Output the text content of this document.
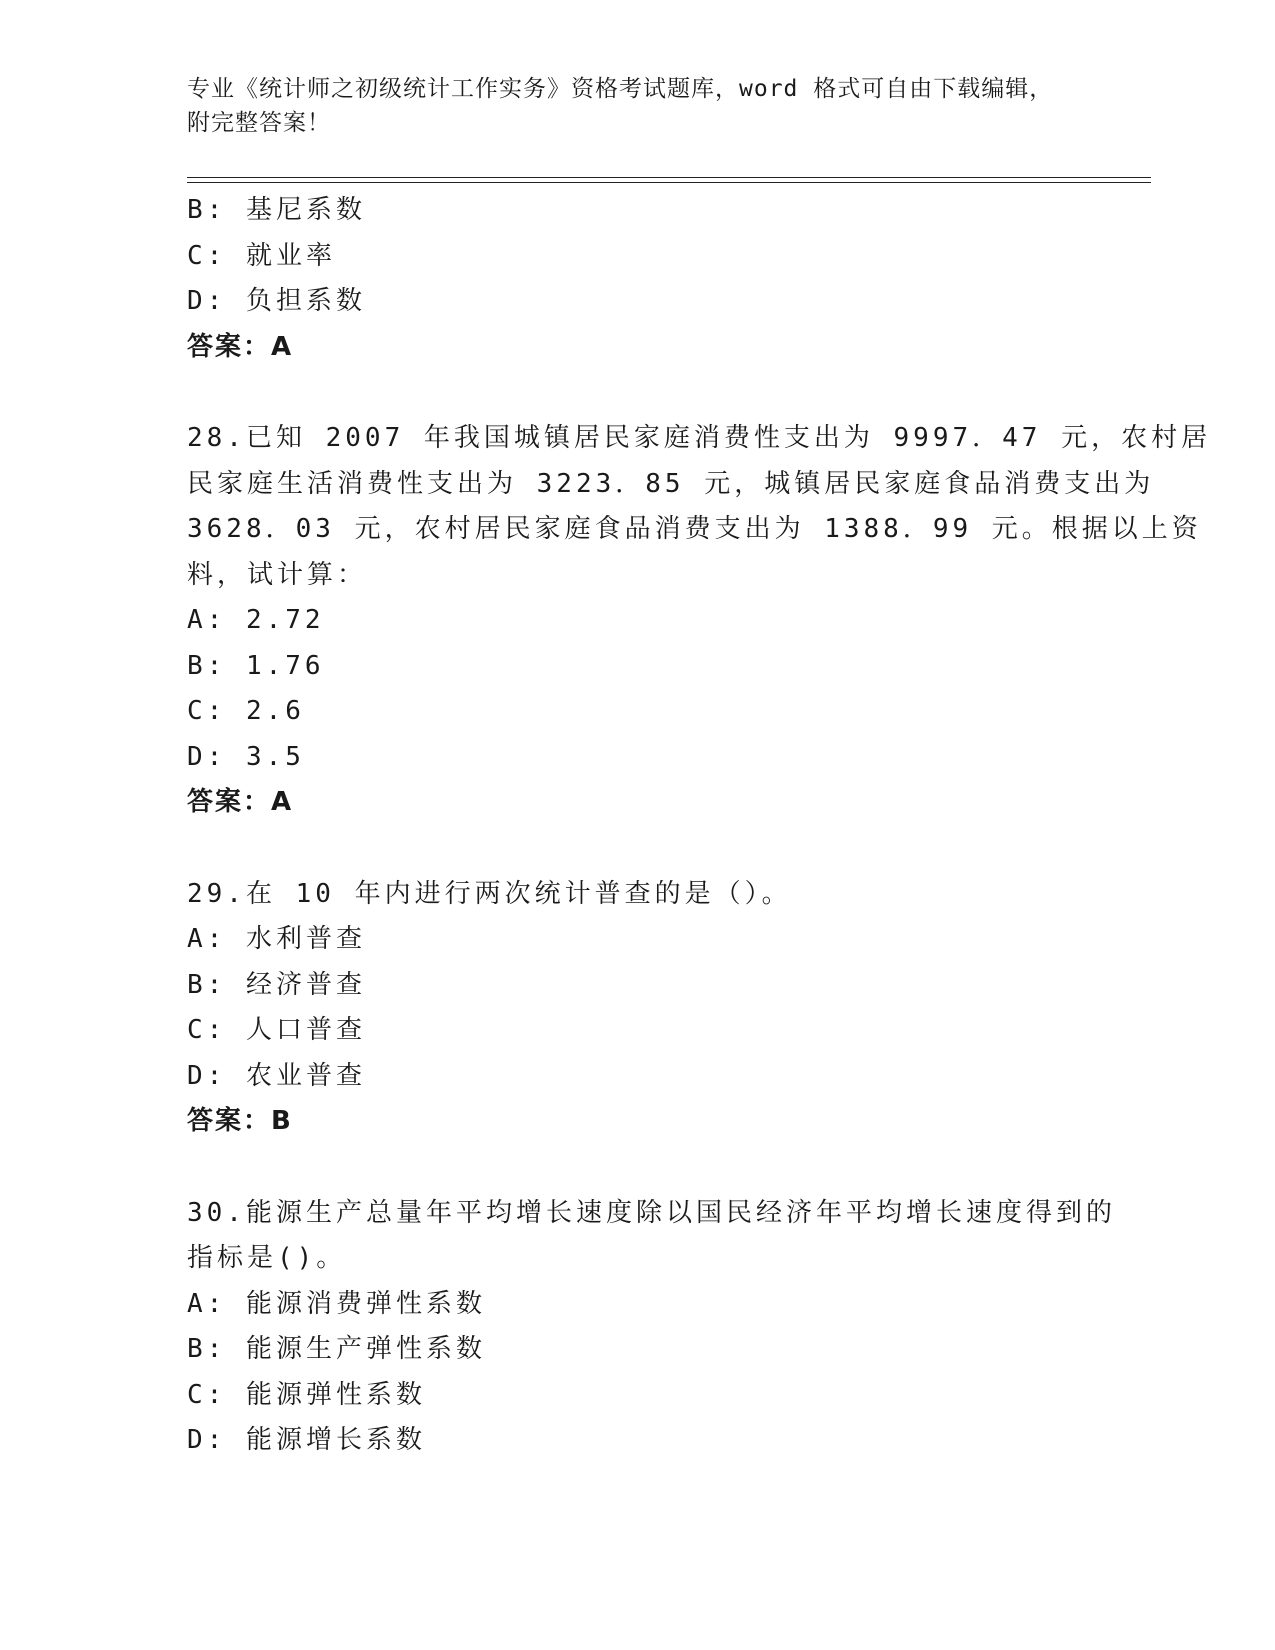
专业《统计师之初级统计工作实务》资格考试题库，word 格式可自由下载编辑，
附完整答案！
B: 基尼系数
C: 就业率
D: 负担系数
答案：A
28.已知 2007 年我国城镇居民家庭消费性支出为 9997．47 元，农村居
民家庭生活消费性支出为 3223．85 元，城镇居民家庭食品消费支出为
3628．03 元，农村居民家庭食品消费支出为 1388．99 元。根据以上资
料，试计算：
A: 2.72
B: 1.76
C: 2.6
D: 3.5
答案：A
29.在 10 年内进行两次统计普查的是（）。
A: 水利普查
B: 经济普查
C: 人口普查
D: 农业普查
答案：B
30.能源生产总量年平均增长速度除以国民经济年平均增长速度得到的
指标是()。
A: 能源消费弹性系数
B: 能源生产弹性系数
C: 能源弹性系数
D: 能源增长系数
